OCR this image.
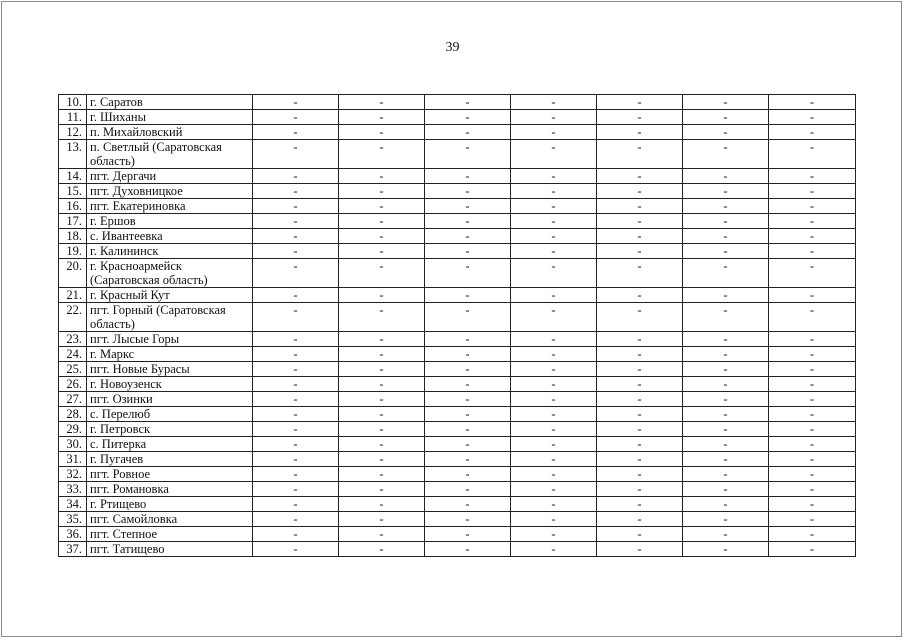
39
10.	г. Саратов	-	-	-	-	-	-	-
11.	г. Шиханы	-	-	-	-	-	-	-
12.	п. Михайловский	-	-	-	-	-	-	-
13.	п. Светлый (Саратовская область)	-	-	-	-	-	-	-
14.	пгт. Дергачи	-	-	-	-	-	-	-
15.	пгт. Духовницкое	-	-	-	-	-	-	-
16.	пгт. Екатериновка	-	-	-	-	-	-	-
17.	г. Ершов	-	-	-	-	-	-	-
18.	с. Ивантеевка	-	-	-	-	-	-	-
19.	г. Калининск	-	-	-	-	-	-	-
20.	г. Красноармейск (Саратовская область)	-	-	-	-	-	-	-
21.	г. Красный Кут	-	-	-	-	-	-	-
22.	пгт. Горный (Саратовская область)	-	-	-	-	-	-	-
23.	пгт. Лысые Горы	-	-	-	-	-	-	-
24.	г. Маркс	-	-	-	-	-	-	-
25.	пгт. Новые Бурасы	-	-	-	-	-	-	-
26.	г. Новоузенск	-	-	-	-	-	-	-
27.	пгт. Озинки	-	-	-	-	-	-	-
28.	с. Перелюб	-	-	-	-	-	-	-
29.	г. Петровск	-	-	-	-	-	-	-
30.	с. Питерка	-	-	-	-	-	-	-
31.	г. Пугачев	-	-	-	-	-	-	-
32.	пгт. Ровное	-	-	-	-	-	-	-
33.	пгт. Романовка	-	-	-	-	-	-	-
34.	г. Ртищево	-	-	-	-	-	-	-
35.	пгт. Самойловка	-	-	-	-	-	-	-
36.	пгт. Степное	-	-	-	-	-	-	-
37.	пгт. Татищево	-	-	-	-	-	-	-
